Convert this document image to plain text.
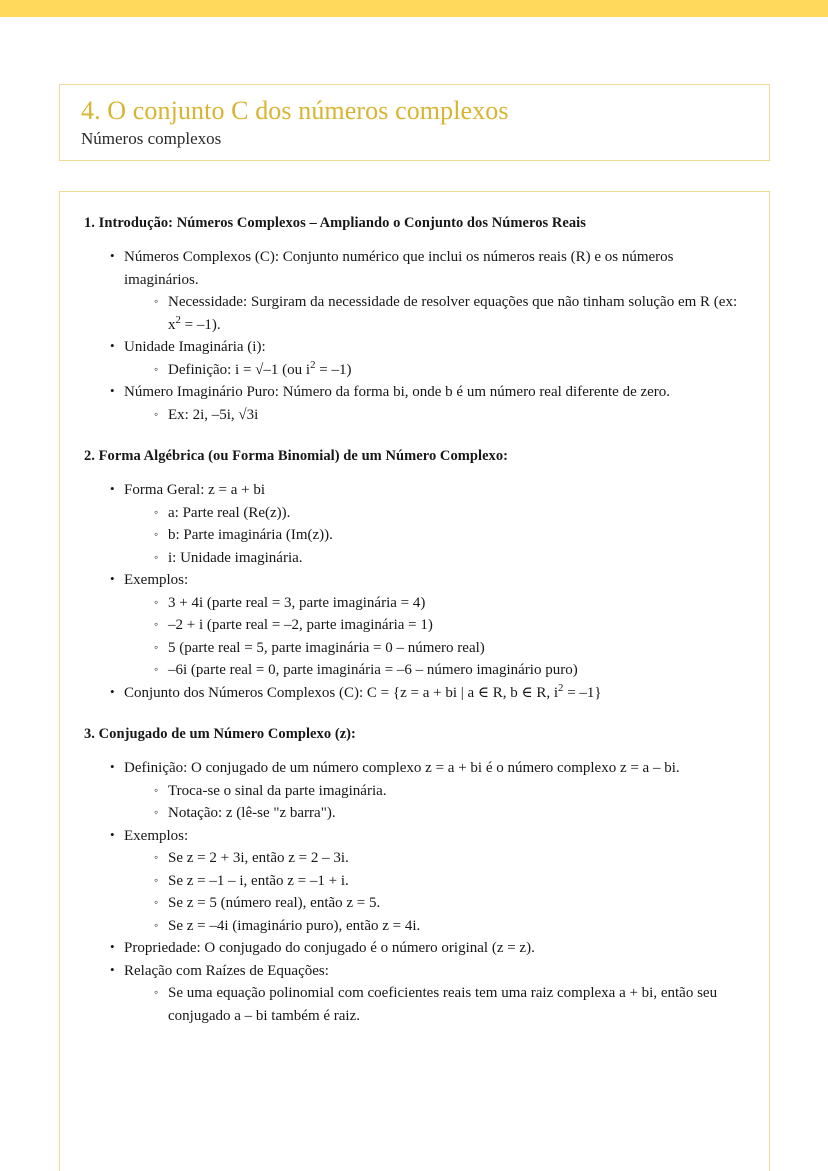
4. O conjunto C dos números complexos
Números complexos
1. Introdução: Números Complexos – Ampliando o Conjunto dos Números Reais
• Números Complexos (C): Conjunto numérico que inclui os números reais (R) e os números imaginários.
◦ Necessidade: Surgiram da necessidade de resolver equações que não tinham solução em R (ex: $x^2 = -1$).
• Unidade Imaginária (i):
◦ Definição: i = √–1 (ou $i^2 = -1$)
• Número Imaginário Puro: Número da forma bi, onde b é um número real diferente de zero.
◦ Ex: 2i, –5i, √3i
2. Forma Algébrica (ou Forma Binomial) de um Número Complexo:
• Forma Geral: z = a + bi
◦ a: Parte real (Re(z)).
◦ b: Parte imaginária (Im(z)).
◦ i: Unidade imaginária.
• Exemplos:
◦ 3 + 4i (parte real = 3, parte imaginária = 4)
◦ –2 + i (parte real = –2, parte imaginária = 1)
◦ 5 (parte real = 5, parte imaginária = 0 – número real)
◦ –6i (parte real = 0, parte imaginária = –6 – número imaginário puro)
• Conjunto dos Números Complexos (C): C = {z = a + bi | a ∈ R, b ∈ R, $i^2 = -1$}
3. Conjugado de um Número Complexo (z):
• Definição: O conjugado de um número complexo z = a + bi é o número complexo z = a – bi.
◦ Troca-se o sinal da parte imaginária.
◦ Notação: z (lê-se "z barra").
• Exemplos:
◦ Se z = 2 + 3i, então z = 2 – 3i.
◦ Se z = –1 – i, então z = –1 + i.
◦ Se z = 5 (número real), então z = 5.
◦ Se z = –4i (imaginário puro), então z = 4i.
• Propriedade: O conjugado do conjugado é o número original (z = z).
• Relação com Raízes de Equações:
◦ Se uma equação polinomial com coeficientes reais tem uma raiz complexa a + bi, então seu conjugado a – bi também é raiz.
